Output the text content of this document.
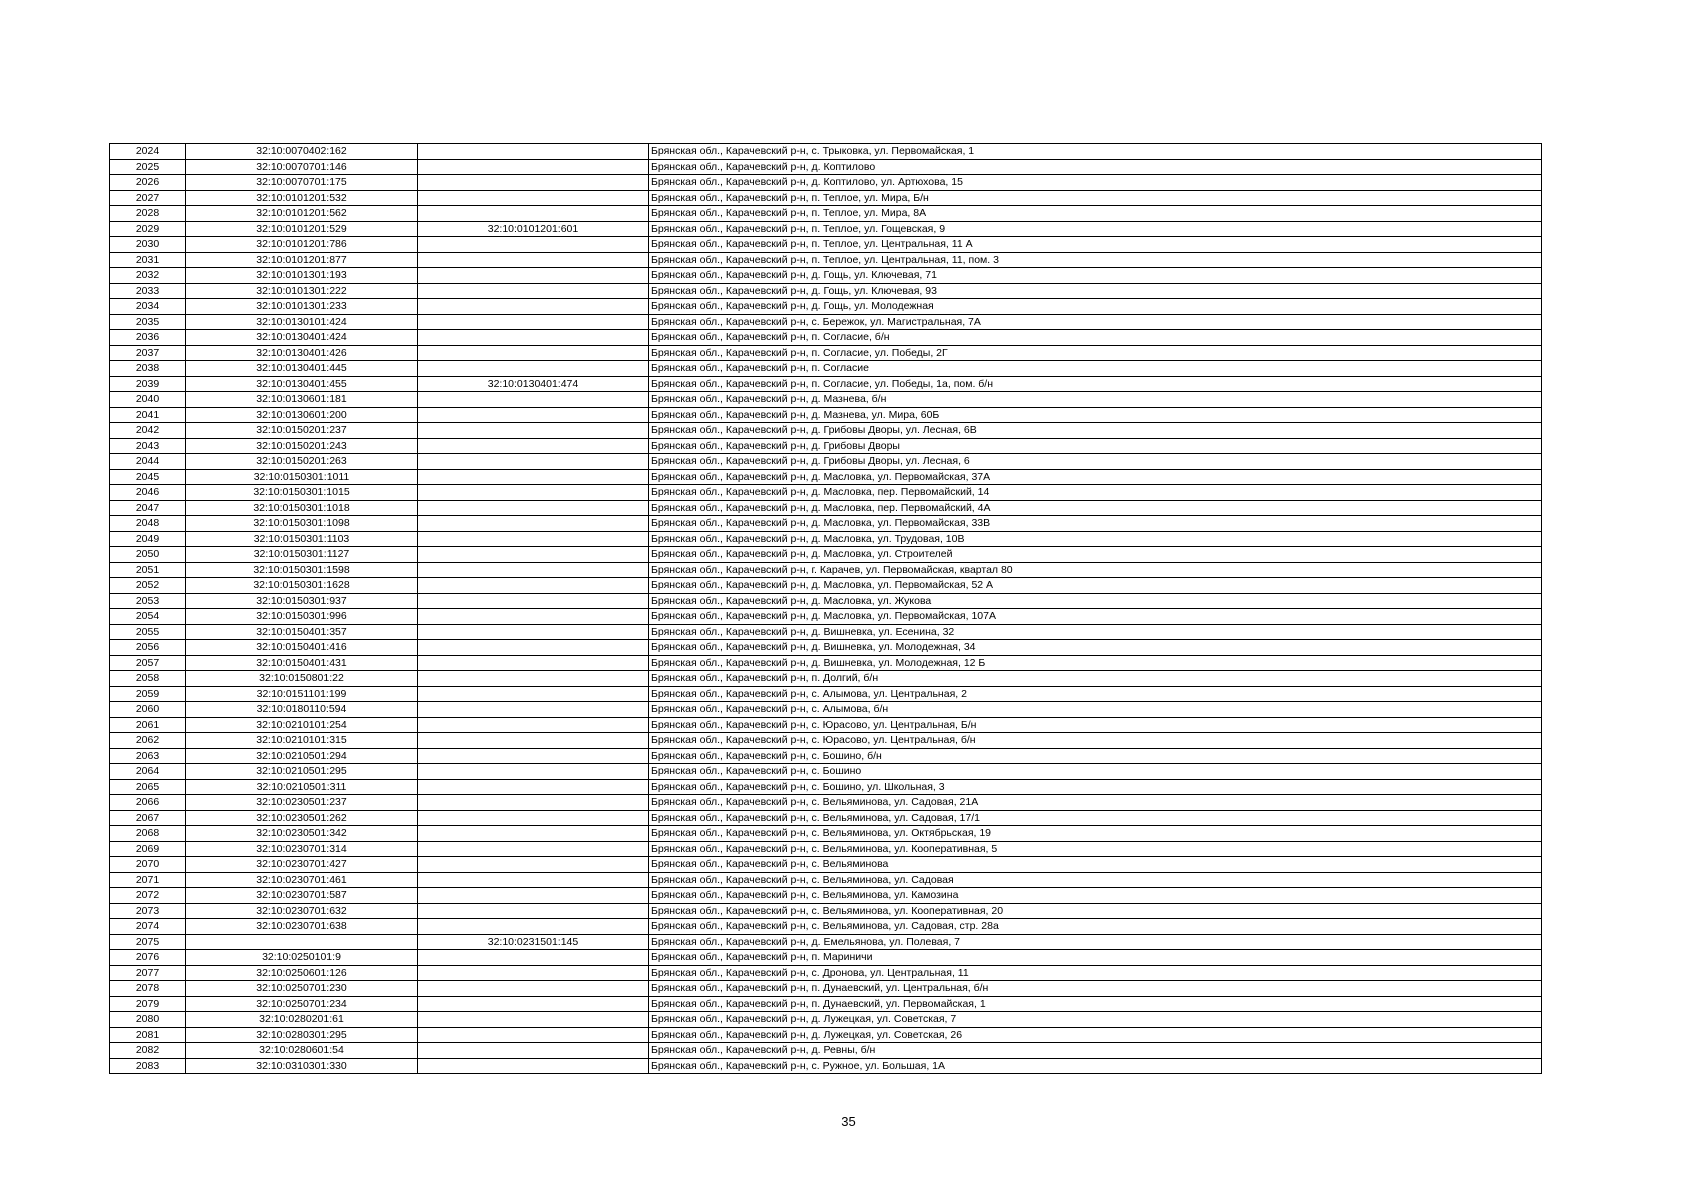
2024	32:10:0070402:162		Брянская обл., Карачевский р-н, с. Трыковка, ул. Первомайская, 1
2025	32:10:0070701:146		Брянская обл., Карачевский р-н, д. Коптилово
2026	32:10:0070701:175		Брянская обл., Карачевский р-н, д. Коптилово, ул. Артюхова, 15
2027	32:10:0101201:532		Брянская обл., Карачевский р-н, п. Теплое, ул. Мира, Б/н
2028	32:10:0101201:562		Брянская обл., Карачевский р-н, п. Теплое, ул. Мира, 8А
2029	32:10:0101201:529	32:10:0101201:601	Брянская обл., Карачевский р-н, п. Теплое, ул. Гощевская, 9
2030	32:10:0101201:786		Брянская обл., Карачевский р-н, п. Теплое, ул. Центральная, 11 А
2031	32:10:0101201:877		Брянская обл., Карачевский р-н, п. Теплое, ул. Центральная, 11, пом. 3
2032	32:10:0101301:193		Брянская обл., Карачевский р-н, д. Гощь, ул. Ключевая, 71
2033	32:10:0101301:222		Брянская обл., Карачевский р-н, д. Гощь, ул. Ключевая, 93
2034	32:10:0101301:233		Брянская обл., Карачевский р-н, д. Гощь, ул. Молодежная
2035	32:10:0130101:424		Брянская обл., Карачевский р-н, с. Бережок, ул. Магистральная, 7А
2036	32:10:0130401:424		Брянская обл., Карачевский р-н, п. Согласие, б/н
2037	32:10:0130401:426		Брянская обл., Карачевский р-н, п. Согласие, ул. Победы, 2Г
2038	32:10:0130401:445		Брянская обл., Карачевский р-н, п. Согласие
2039	32:10:0130401:455	32:10:0130401:474	Брянская обл., Карачевский р-н, п. Согласие, ул. Победы, 1а, пом. б/н
2040	32:10:0130601:181		Брянская обл., Карачевский р-н, д. Мазнева, б/н
2041	32:10:0130601:200		Брянская обл., Карачевский р-н, д. Мазнева, ул. Мира, 60Б
2042	32:10:0150201:237		Брянская обл., Карачевский р-н, д. Грибовы Дворы, ул. Лесная, 6В
2043	32:10:0150201:243		Брянская обл., Карачевский р-н, д. Грибовы Дворы
2044	32:10:0150201:263		Брянская обл., Карачевский р-н, д. Грибовы Дворы, ул. Лесная, 6
2045	32:10:0150301:1011		Брянская обл., Карачевский р-н, д. Масловка, ул. Первомайская, 37А
2046	32:10:0150301:1015		Брянская обл., Карачевский р-н, д. Масловка, пер. Первомайский, 14
2047	32:10:0150301:1018		Брянская обл., Карачевский р-н, д. Масловка, пер. Первомайский, 4А
2048	32:10:0150301:1098		Брянская обл., Карачевский р-н, д. Масловка, ул. Первомайская, 33В
2049	32:10:0150301:1103		Брянская обл., Карачевский р-н, д. Масловка, ул. Трудовая, 10В
2050	32:10:0150301:1127		Брянская обл., Карачевский р-н, д. Масловка, ул. Строителей
2051	32:10:0150301:1598		Брянская обл., Карачевский р-н, г. Карачев, ул. Первомайская, квартал 80
2052	32:10:0150301:1628		Брянская обл., Карачевский р-н, д. Масловка, ул. Первомайская, 52 А
2053	32:10:0150301:937		Брянская обл., Карачевский р-н, д. Масловка, ул. Жукова
2054	32:10:0150301:996		Брянская обл., Карачевский р-н, д. Масловка, ул. Первомайская, 107А
2055	32:10:0150401:357		Брянская обл., Карачевский р-н, д. Вишневка, ул. Есенина, 32
2056	32:10:0150401:416		Брянская обл., Карачевский р-н, д. Вишневка, ул. Молодежная, 34
2057	32:10:0150401:431		Брянская обл., Карачевский р-н, д. Вишневка, ул. Молодежная, 12 Б
2058	32:10:0150801:22		Брянская обл., Карачевский р-н, п. Долгий, б/н
2059	32:10:0151101:199		Брянская обл., Карачевский р-н, с. Алымова, ул. Центральная, 2
2060	32:10:0180110:594		Брянская обл., Карачевский р-н, с. Алымова, б/н
2061	32:10:0210101:254		Брянская обл., Карачевский р-н, с. Юрасово, ул. Центральная, Б/н
2062	32:10:0210101:315		Брянская обл., Карачевский р-н, с. Юрасово, ул. Центральная, б/н
2063	32:10:0210501:294		Брянская обл., Карачевский р-н, с. Бошино, б/н
2064	32:10:0210501:295		Брянская обл., Карачевский р-н, с. Бошино
2065	32:10:0210501:311		Брянская обл., Карачевский р-н, с. Бошино, ул. Школьная, 3
2066	32:10:0230501:237		Брянская обл., Карачевский р-н, с. Вельяминова, ул. Садовая, 21А
2067	32:10:0230501:262		Брянская обл., Карачевский р-н, с. Вельяминова, ул. Садовая, 17/1
2068	32:10:0230501:342		Брянская обл., Карачевский р-н, с. Вельяминова, ул. Октябрьская, 19
2069	32:10:0230701:314		Брянская обл., Карачевский р-н, с. Вельяминова, ул. Кооперативная, 5
2070	32:10:0230701:427		Брянская обл., Карачевский р-н, с. Вельяминова
2071	32:10:0230701:461		Брянская обл., Карачевский р-н, с. Вельяминова, ул. Садовая
2072	32:10:0230701:587		Брянская обл., Карачевский р-н, с. Вельяминова, ул. Камозина
2073	32:10:0230701:632		Брянская обл., Карачевский р-н, с. Вельяминова, ул. Кооперативная, 20
2074	32:10:0230701:638		Брянская обл., Карачевский р-н, с. Вельяминова, ул. Садовая, стр. 28а
2075		32:10:0231501:145	Брянская обл., Карачевский р-н, д. Емельянова, ул. Полевая, 7
2076	32:10:0250101:9		Брянская обл., Карачевский р-н, п. Мариничи
2077	32:10:0250601:126		Брянская обл., Карачевский р-н, с. Дронова, ул. Центральная, 11
2078	32:10:0250701:230		Брянская обл., Карачевский р-н, п. Дунаевский, ул. Центральная, б/н
2079	32:10:0250701:234		Брянская обл., Карачевский р-н, п. Дунаевский, ул. Первомайская, 1
2080	32:10:0280201:61		Брянская обл., Карачевский р-н, д. Лужецкая, ул. Советская, 7
2081	32:10:0280301:295		Брянская обл., Карачевский р-н, д. Лужецкая, ул. Советская, 26
2082	32:10:0280601:54		Брянская обл., Карачевский р-н, д. Ревны, б/н
2083	32:10:0310301:330		Брянская обл., Карачевский р-н, с. Ружное, ул. Большая, 1А
35
